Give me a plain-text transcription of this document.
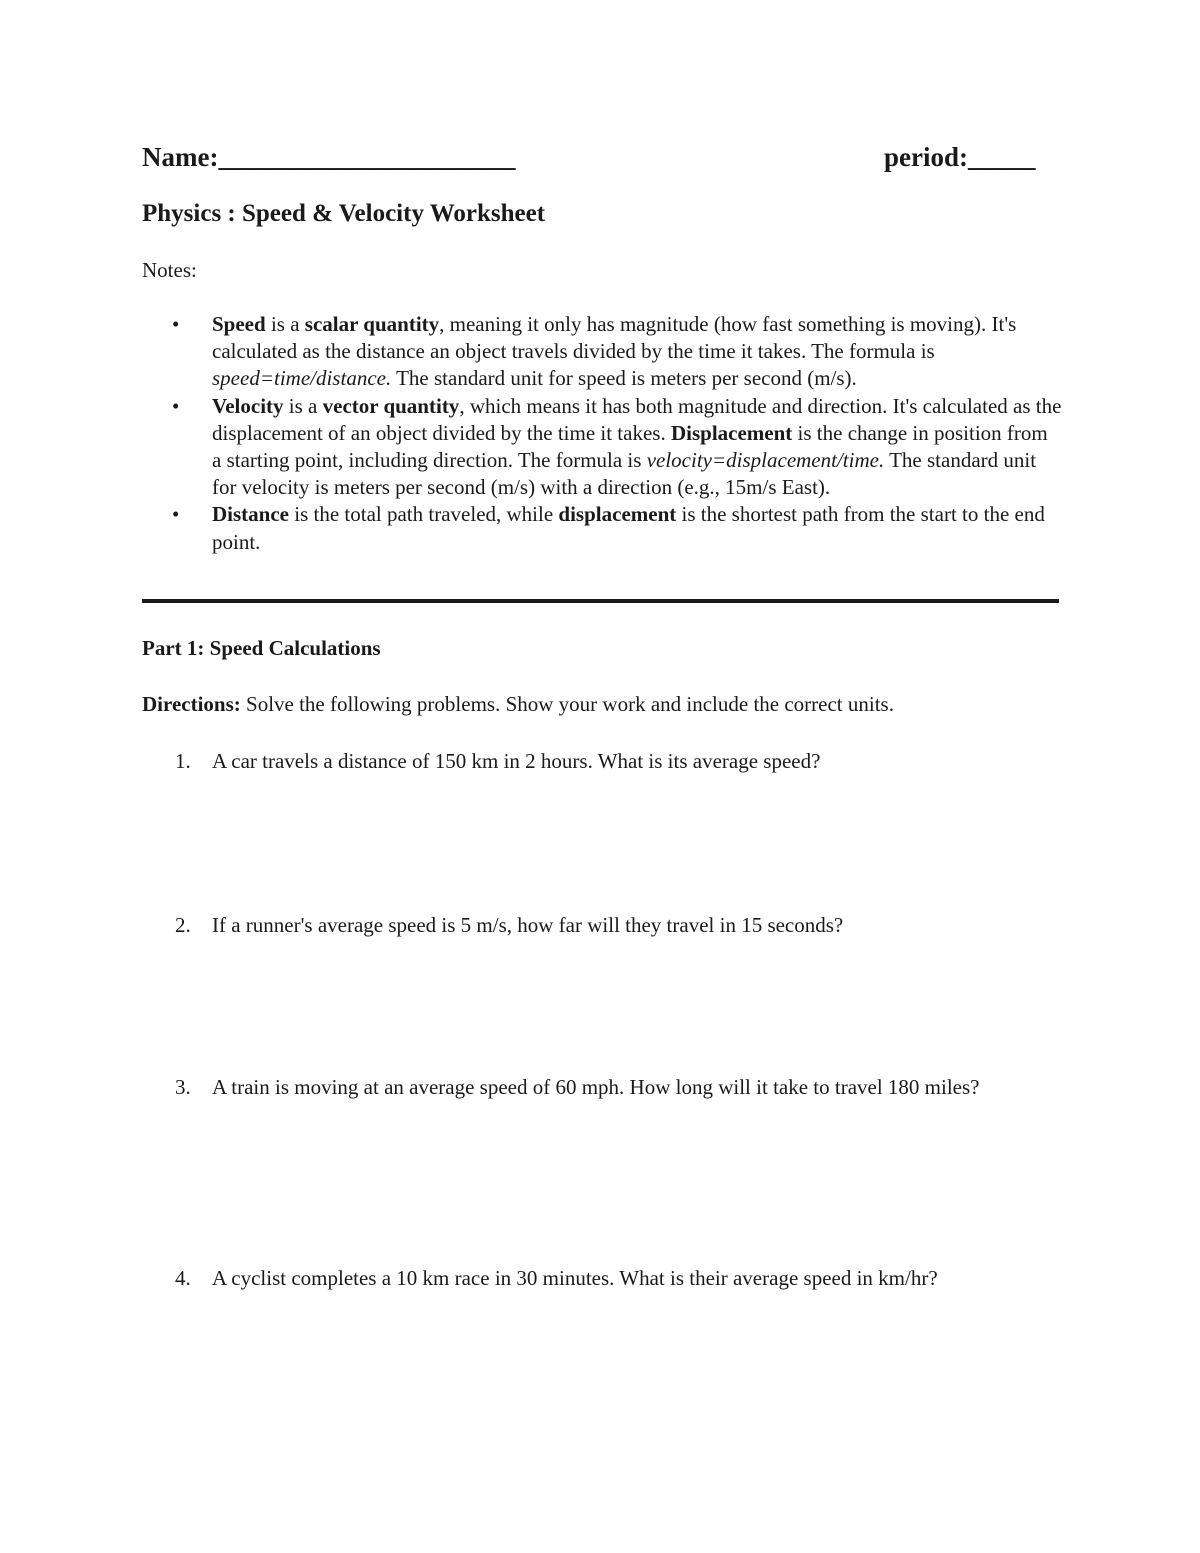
Name:______________________	period:_____
Physics : Speed & Velocity Worksheet
Notes:
• Speed is a scalar quantity, meaning it only has magnitude (how fast something is moving). It's calculated as the distance an object travels divided by the time it takes. The formula is speed=time/distance. The standard unit for speed is meters per second (m/s).
• Velocity is a vector quantity, which means it has both magnitude and direction. It's calculated as the displacement of an object divided by the time it takes. Displacement is the change in position from a starting point, including direction. The formula is velocity=displacement/time. The standard unit for velocity is meters per second (m/s) with a direction (e.g., 15m/s East).
• Distance is the total path traveled, while displacement is the shortest path from the start to the end point.
Part 1: Speed Calculations
Directions: Solve the following problems. Show your work and include the correct units.
1.	A car travels a distance of 150 km in 2 hours. What is its average speed?
2.	If a runner's average speed is 5 m/s, how far will they travel in 15 seconds?
3.	A train is moving at an average speed of 60 mph. How long will it take to travel 180 miles?
4.	A cyclist completes a 10 km race in 30 minutes. What is their average speed in km/hr?
